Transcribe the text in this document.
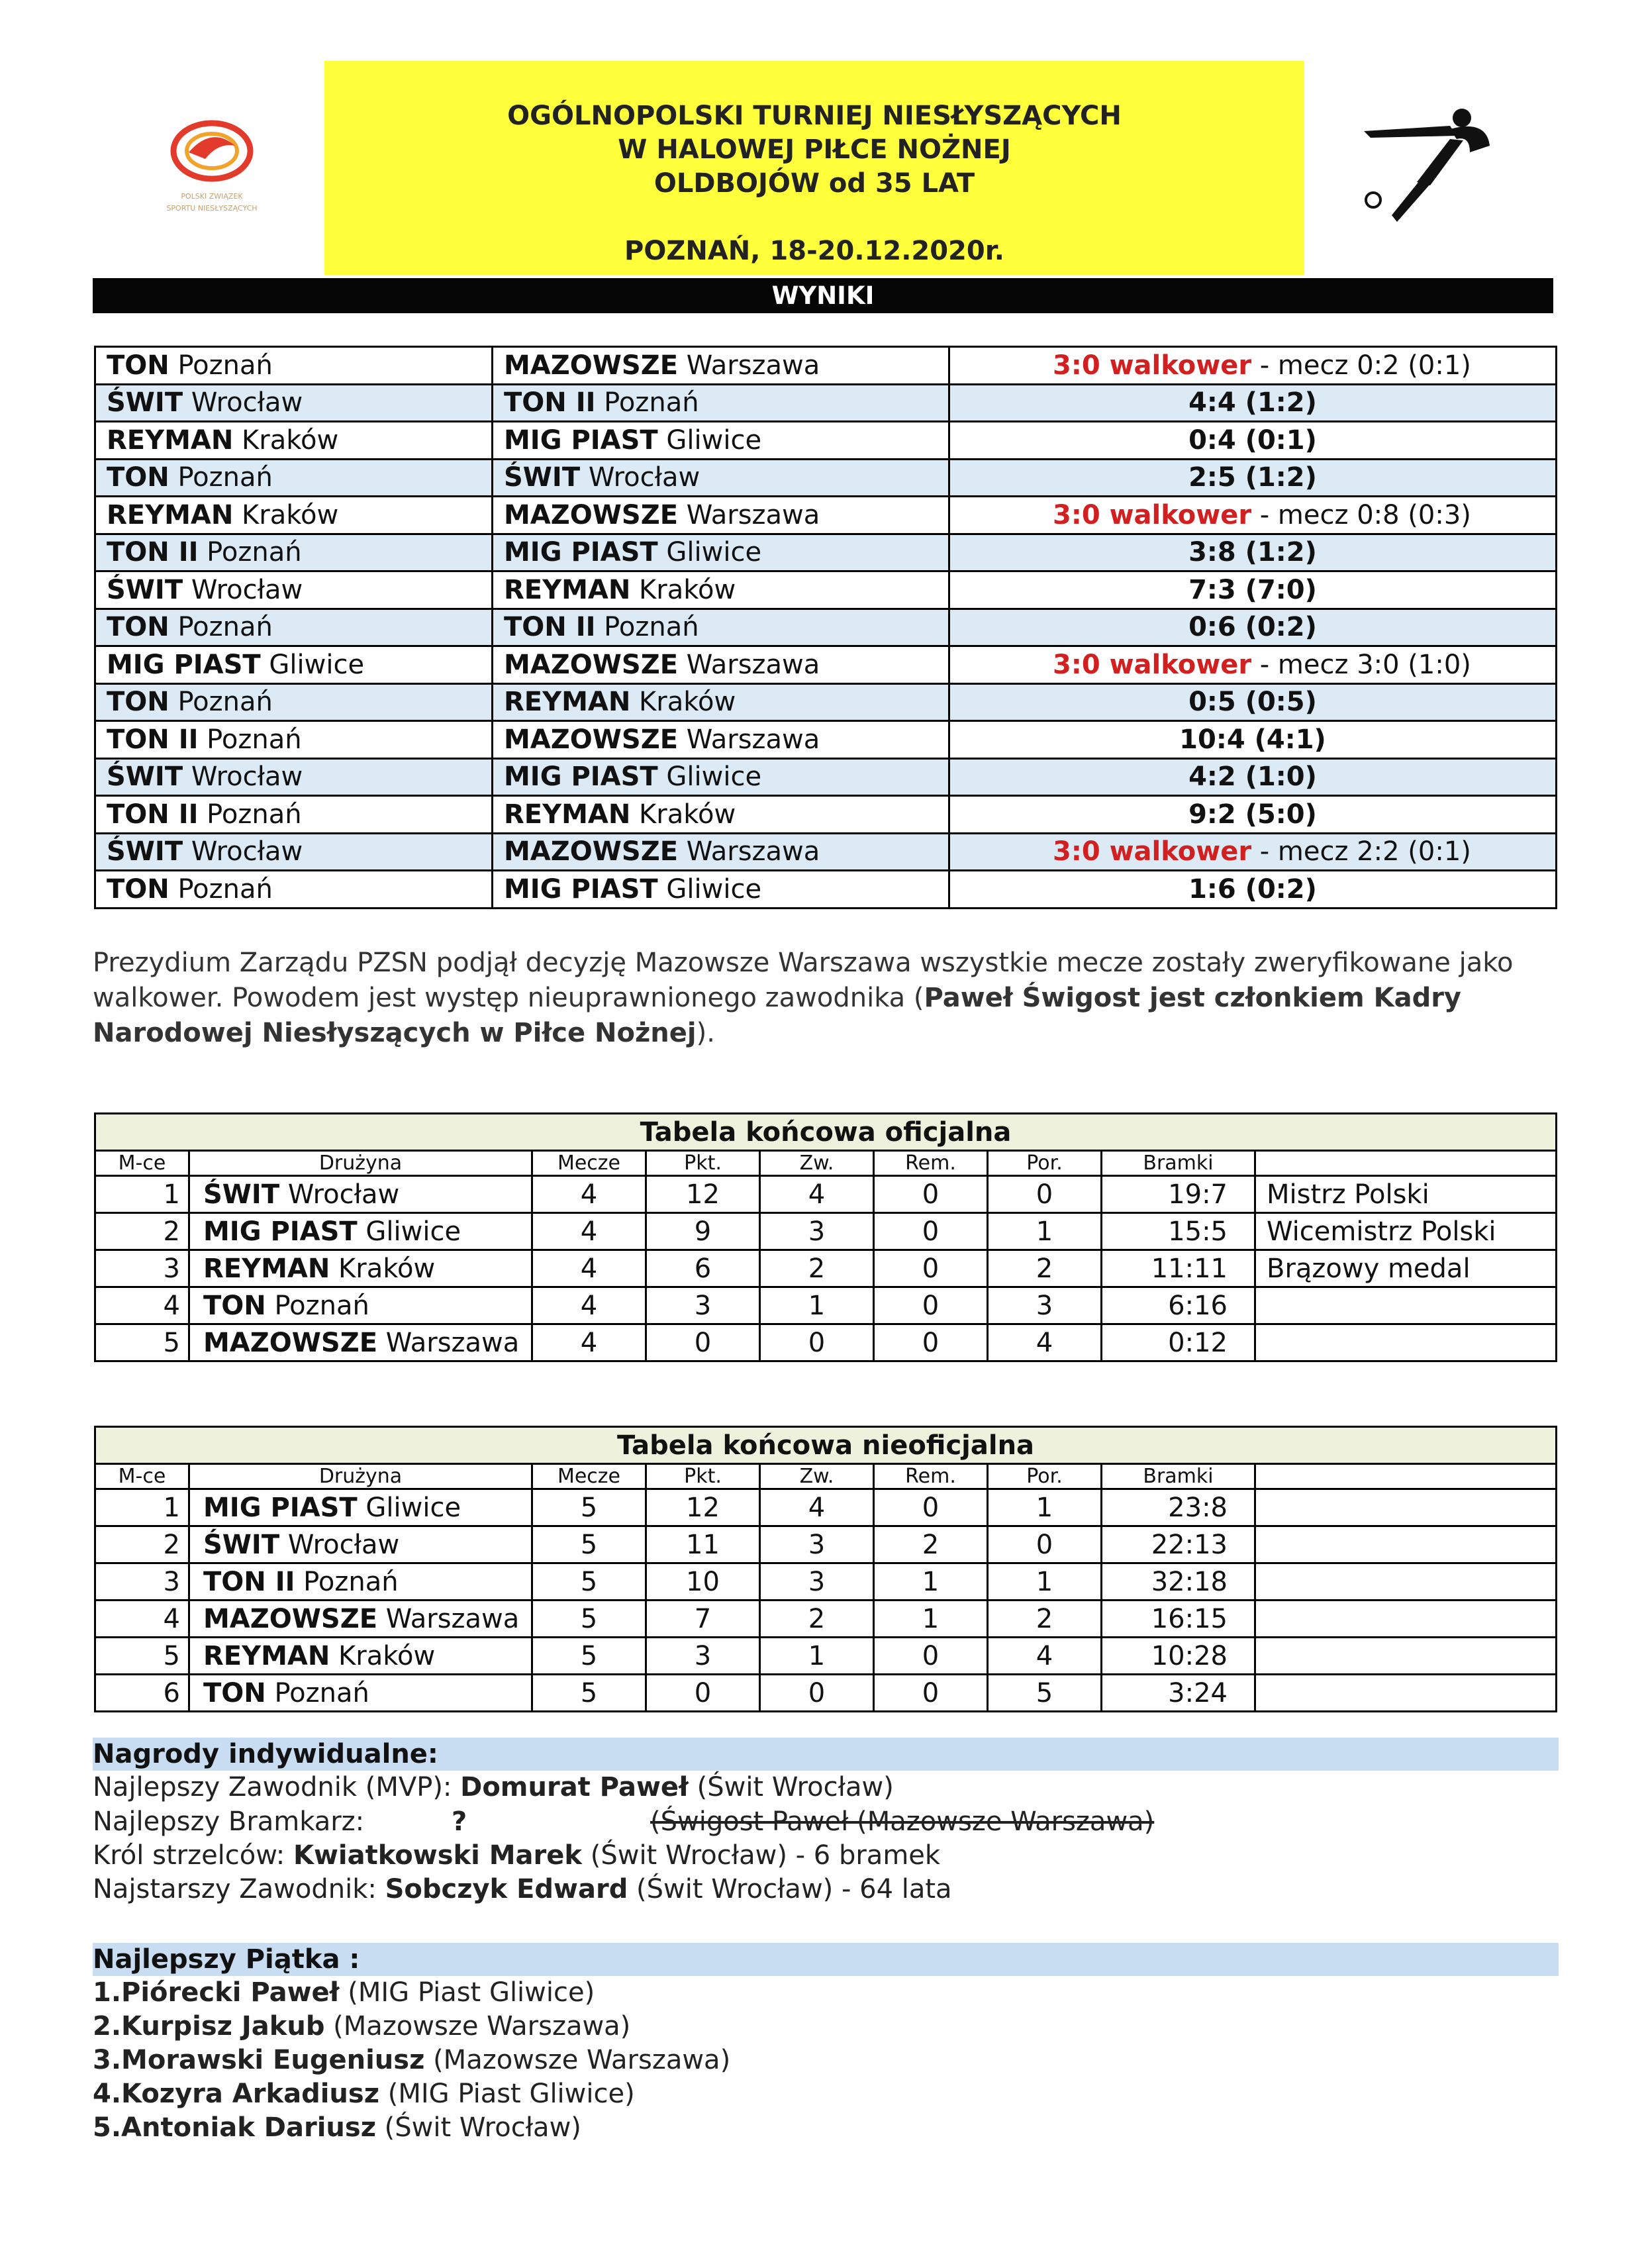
POLSKI ZWIĄZEK
SPORTU NIESŁYSZĄCYCH
OGÓLNOPOLSKI TURNIEJ NIESŁYSZĄCYCH
W HALOWEJ PIŁCE NOŻNEJ
OLDBOJÓW od 35 LAT
POZNAŃ, 18-20.12.2020r.
WYNIKI
TON Poznań	MAZOWSZE Warszawa	3:0 walkower - mecz 0:2 (0:1)
ŚWIT Wrocław	TON II Poznań	4:4 (1:2)
REYMAN Kraków	MIG PIAST Gliwice	0:4 (0:1)
TON Poznań	ŚWIT Wrocław	2:5 (1:2)
REYMAN Kraków	MAZOWSZE Warszawa	3:0 walkower - mecz 0:8 (0:3)
TON II Poznań	MIG PIAST Gliwice	3:8 (1:2)
ŚWIT Wrocław	REYMAN Kraków	7:3 (7:0)
TON Poznań	TON II Poznań	0:6 (0:2)
MIG PIAST Gliwice	MAZOWSZE Warszawa	3:0 walkower - mecz 3:0 (1:0)
TON Poznań	REYMAN Kraków	0:5 (0:5)
TON II Poznań	MAZOWSZE Warszawa	10:4 (4:1)
ŚWIT Wrocław	MIG PIAST Gliwice	4:2 (1:0)
TON II Poznań	REYMAN Kraków	9:2 (5:0)
ŚWIT Wrocław	MAZOWSZE Warszawa	3:0 walkower - mecz 2:2 (0:1)
TON Poznań	MIG PIAST Gliwice	1:6 (0:2)
Prezydium Zarządu PZSN podjął decyzję Mazowsze Warszawa wszystkie mecze zostały zweryfikowane jako
walkower. Powodem jest występ nieuprawnionego zawodnika (Paweł Świgost jest członkiem Kadry
Narodowej Niesłyszących w Piłce Nożnej).
Tabela końcowa oficjalna								
M-ce	Drużyna	Mecze	Pkt.	Zw.	Rem.	Por.	Bramki	
1	ŚWIT Wrocław	4	12	4	0	0	19:7	Mistrz Polski
2	MIG PIAST Gliwice	4	9	3	0	1	15:5	Wicemistrz Polski
3	REYMAN Kraków	4	6	2	0	2	11:11	Brązowy medal
4	TON Poznań	4	3	1	0	3	6:16	
5	MAZOWSZE Warszawa	4	0	0	0	4	0:12	
Tabela końcowa nieoficjalna								
M-ce	Drużyna	Mecze	Pkt.	Zw.	Rem.	Por.	Bramki	
1	MIG PIAST Gliwice	5	12	4	0	1	23:8	
2	ŚWIT Wrocław	5	11	3	2	0	22:13	
3	TON II Poznań	5	10	3	1	1	32:18	
4	MAZOWSZE Warszawa	5	7	2	1	2	16:15	
5	REYMAN Kraków	5	3	1	0	4	10:28	
6	TON Poznań	5	0	0	0	5	3:24	
Nagrody indywidualne:
Najlepszy Zawodnik (MVP): Domurat Paweł (Świt Wrocław)
Najlepszy Bramkarz:	?	(Świgost Paweł (Mazowsze Warszawa)
Król strzelców: Kwiatkowski Marek (Świt Wrocław) - 6 bramek
Najstarszy Zawodnik: Sobczyk Edward (Świt Wrocław) - 64 lata
Najlepszy Piątka :
1.Piórecki Paweł (MIG Piast Gliwice)
2.Kurpisz Jakub (Mazowsze Warszawa)
3.Morawski Eugeniusz (Mazowsze Warszawa)
4.Kozyra Arkadiusz (MIG Piast Gliwice)
5.Antoniak Dariusz (Świt Wrocław)
